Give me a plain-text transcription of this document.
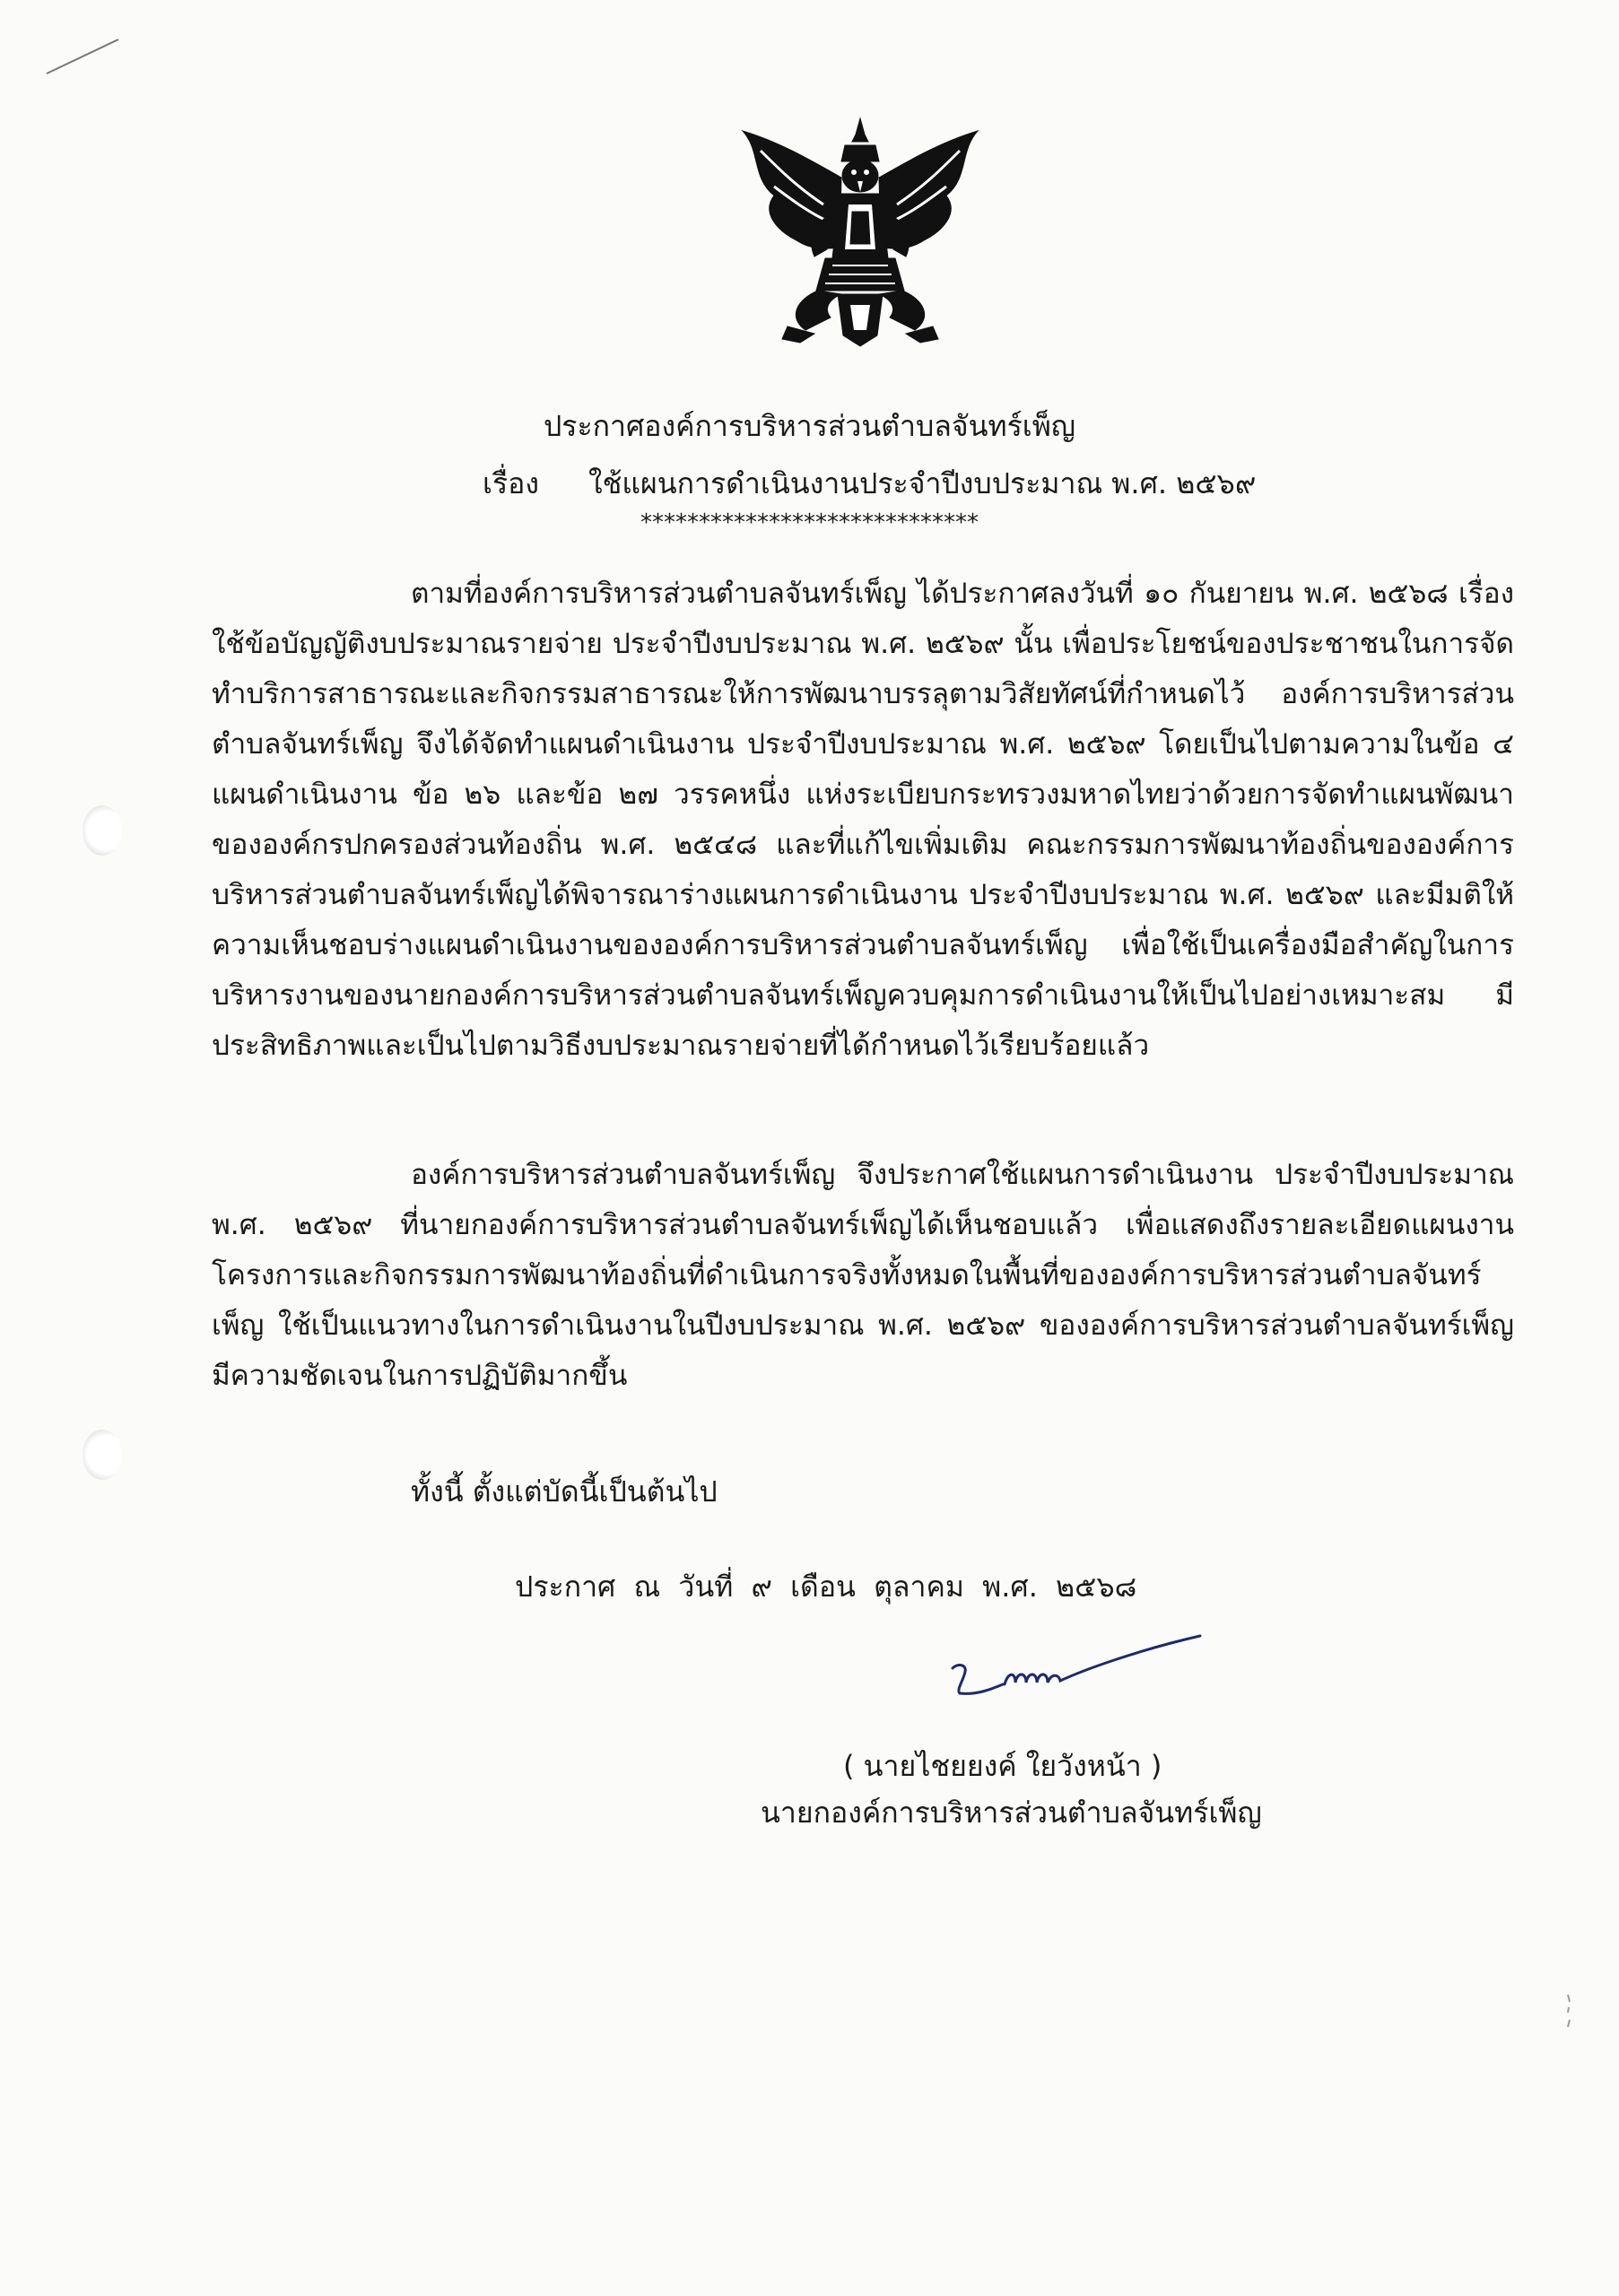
ประกาศองค์การบริหารส่วนตำบลจันทร์เพ็ญ
เรื่อง ใช้แผนการดำเนินงานประจำปีงบประมาณ พ.ศ. ๒๕๖๙
*****************************
ตามที่องค์การบริหารส่วนตำบลจันทร์เพ็ญ ได้ประกาศลงวันที่ ๑๐ กันยายน พ.ศ. ๒๕๖๘ เรื่องใช้ข้อบัญญัติงบประมาณรายจ่าย ประจำปีงบประมาณ พ.ศ. ๒๕๖๙ นั้น เพื่อประโยชน์ของประชาชนในการจัดทำบริการสาธารณะและกิจกรรมสาธารณะให้การพัฒนาบรรลุตามวิสัยทัศน์ที่กำหนดไว้ องค์การบริหารส่วนตำบลจันทร์เพ็ญ จึงได้จัดทำแผนดำเนินงาน ประจำปีงบประมาณ พ.ศ. ๒๕๖๙ โดยเป็นไปตามความในข้อ ๔ แผนดำเนินงาน ข้อ ๒๖ และข้อ ๒๗ วรรคหนึ่ง แห่งระเบียบกระทรวงมหาดไทยว่าด้วยการจัดทำแผนพัฒนาขององค์กรปกครองส่วนท้องถิ่น พ.ศ. ๒๕๔๘ และที่แก้ไขเพิ่มเติม คณะกรรมการพัฒนาท้องถิ่นขององค์การบริหารส่วนตำบลจันทร์เพ็ญได้พิจารณาร่างแผนการดำเนินงาน ประจำปีงบประมาณ พ.ศ. ๒๕๖๙ และมีมติให้ความเห็นชอบร่างแผนดำเนินงานขององค์การบริหารส่วนตำบลจันทร์เพ็ญ เพื่อใช้เป็นเครื่องมือสำคัญในการบริหารงานของนายกองค์การบริหารส่วนตำบลจันทร์เพ็ญควบคุมการดำเนินงานให้เป็นไปอย่างเหมาะสม มีประสิทธิภาพและเป็นไปตามวิธีงบประมาณรายจ่ายที่ได้กำหนดไว้เรียบร้อยแล้ว
องค์การบริหารส่วนตำบลจันทร์เพ็ญ จึงประกาศใช้แผนการดำเนินงาน ประจำปีงบประมาณ พ.ศ. ๒๕๖๙ ที่นายกองค์การบริหารส่วนตำบลจันทร์เพ็ญได้เห็นชอบแล้ว เพื่อแสดงถึงรายละเอียดแผนงาน โครงการและกิจกรรมการพัฒนาท้องถิ่นที่ดำเนินการจริงทั้งหมดในพื้นที่ขององค์การบริหารส่วนตำบลจันทร์เพ็ญ ใช้เป็นแนวทางในการดำเนินงานในปีงบประมาณ พ.ศ. ๒๕๖๙ ขององค์การบริหารส่วนตำบลจันทร์เพ็ญ มีความชัดเจนในการปฏิบัติมากขึ้น
ทั้งนี้ ตั้งแต่บัดนี้เป็นต้นไป
ประกาศ ณ วันที่ ๙ เดือน ตุลาคม พ.ศ. ๒๕๖๘
( นายไชยยงค์ ใยวังหน้า )
นายกองค์การบริหารส่วนตำบลจันทร์เพ็ญ
